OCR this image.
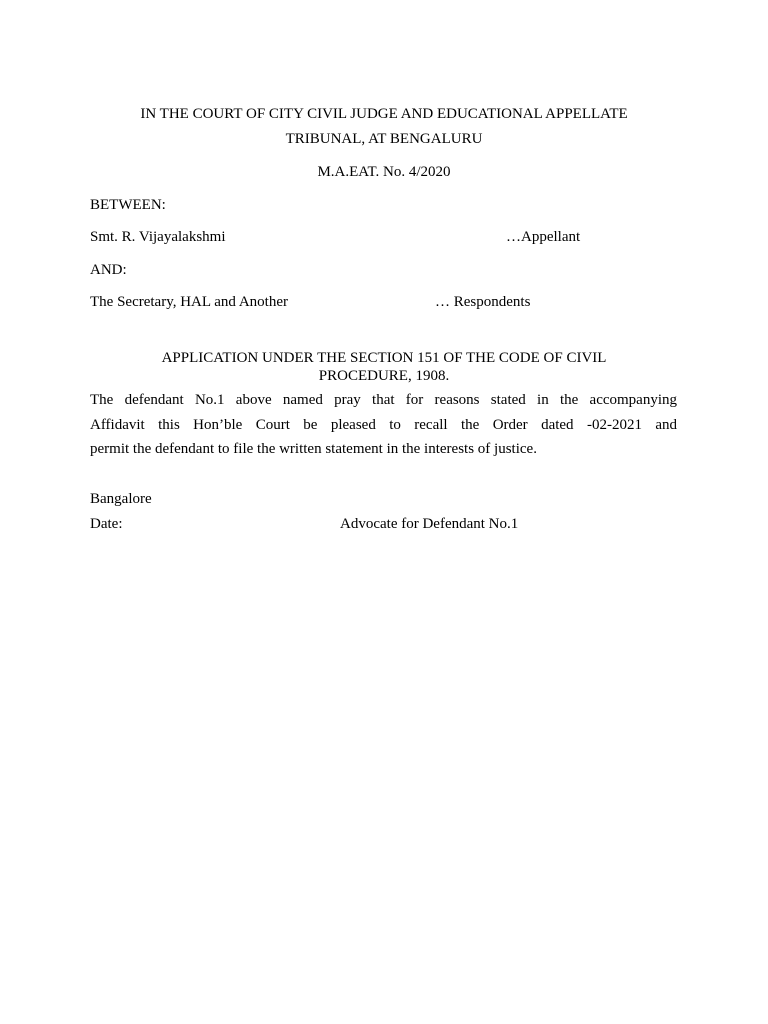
IN THE COURT OF CITY CIVIL JUDGE AND EDUCATIONAL APPELLATE
TRIBUNAL, AT BENGALURU
M.A.EAT. No. 4/2020
BETWEEN:
Smt. R. Vijayalakshmi	…Appellant
AND:
The Secretary, HAL and Another	… Respondents
APPLICATION UNDER THE SECTION 151 OF THE CODE OF CIVIL
PROCEDURE, 1908.
The defendant No.1 above named pray that for reasons stated in the accompanying
Affidavit this Hon’ble Court be pleased to recall the Order dated -02-2021 and
permit the defendant to file the written statement in the interests of justice.
Bangalore
Date:	Advocate for Defendant No.1
